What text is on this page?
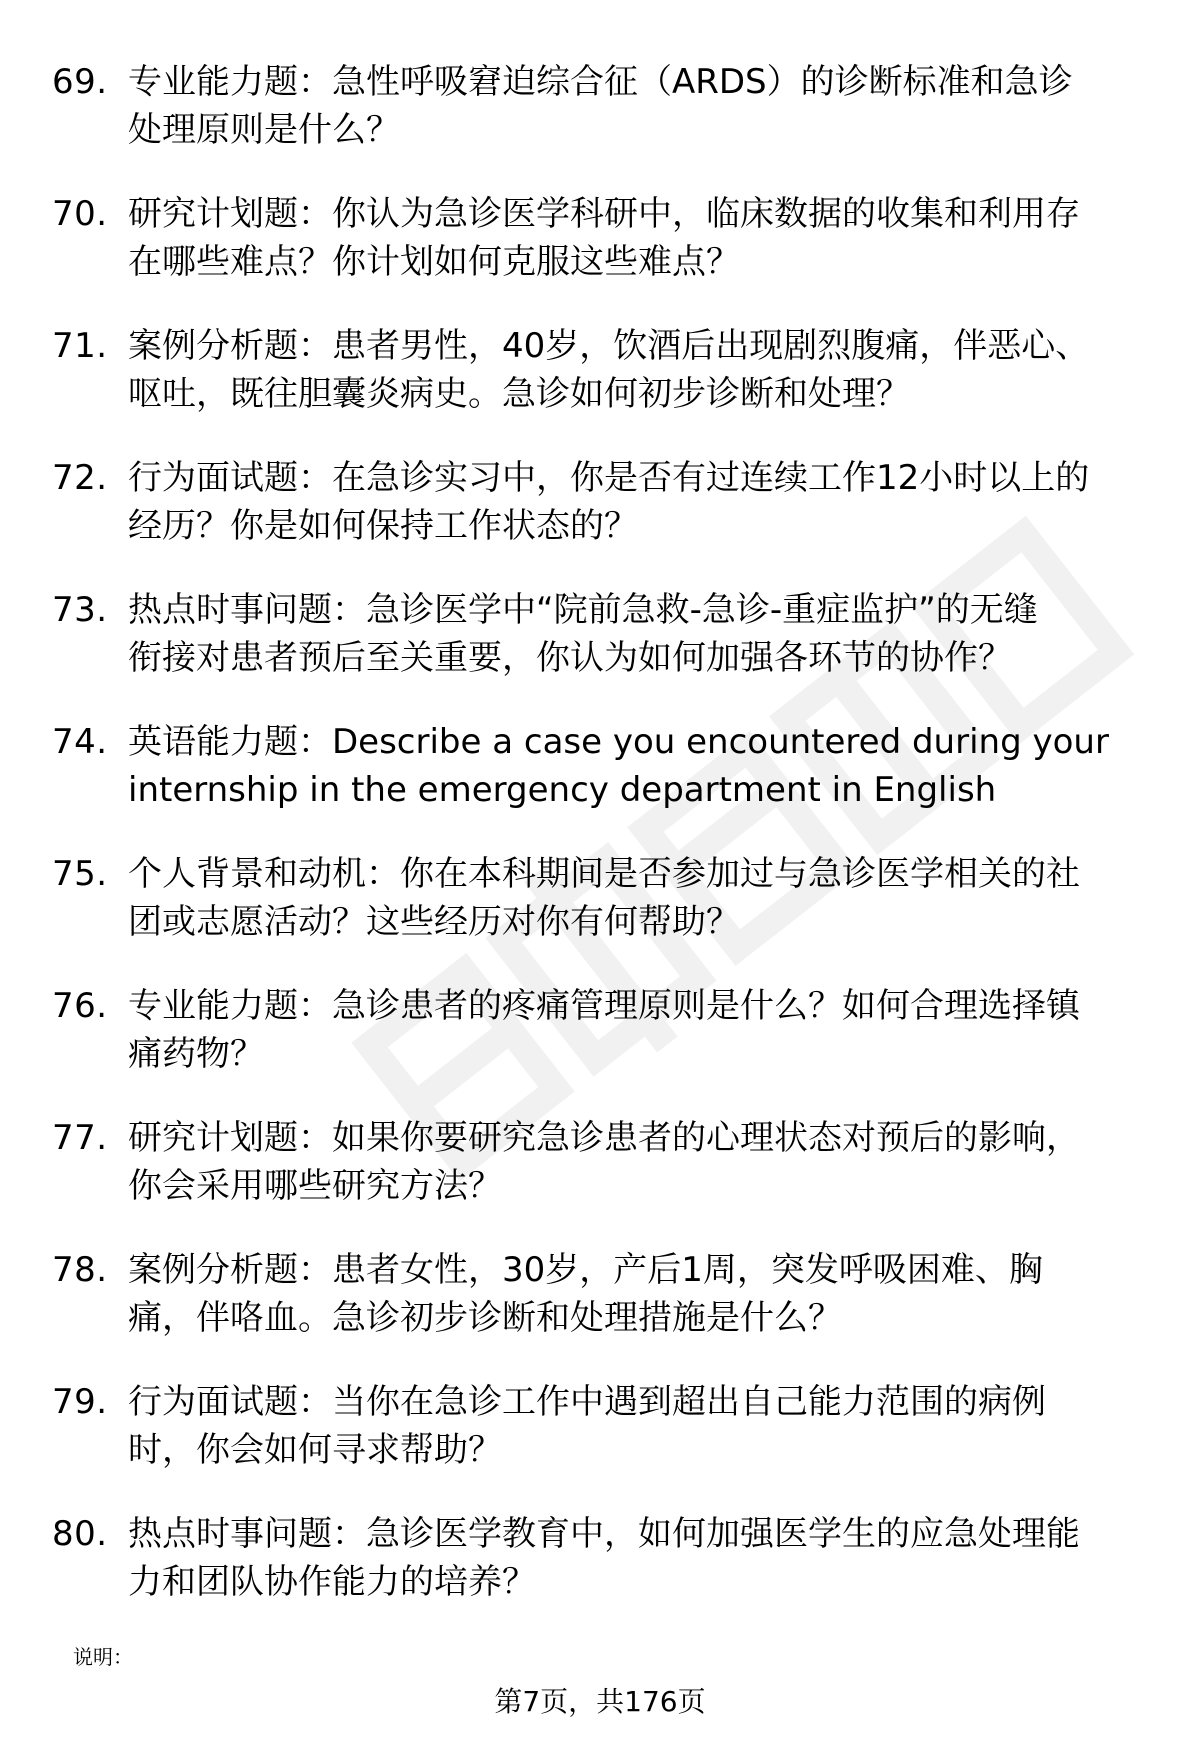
69. 专业能力题：急性呼吸窘迫综合征（ARDS）的诊断标准和急诊
处理原则是什么？
70. 研究计划题：你认为急诊医学科研中，临床数据的收集和利用存
在哪些难点？你计划如何克服这些难点？
71. 案例分析题：患者男性，40岁，饮酒后出现剧烈腹痛，伴恶心、
呕吐，既往胆囊炎病史。急诊如何初步诊断和处理？
72. 行为面试题：在急诊实习中，你是否有过连续工作12小时以上的
经历？你是如何保持工作状态的？
73. 热点时事问题：急诊医学中“院前急救-急诊-重症监护”的无缝
衔接对患者预后至关重要，你认为如何加强各环节的协作？
74. 英语能力题：Describe a case you encountered during your
internship in the emergency department in English
75. 个人背景和动机：你在本科期间是否参加过与急诊医学相关的社
团或志愿活动？这些经历对你有何帮助？
76. 专业能力题：急诊患者的疼痛管理原则是什么？如何合理选择镇
痛药物？
77. 研究计划题：如果你要研究急诊患者的心理状态对预后的影响，
你会采用哪些研究方法？
78. 案例分析题：患者女性，30岁，产后1周，突发呼吸困难、胸
痛，伴咯血。急诊初步诊断和处理措施是什么？
79. 行为面试题：当你在急诊工作中遇到超出自己能力范围的病例
时，你会如何寻求帮助？
80. 热点时事问题：急诊医学教育中，如何加强医学生的应急处理能
力和团队协作能力的培养？
说明：
第7页，共176页
